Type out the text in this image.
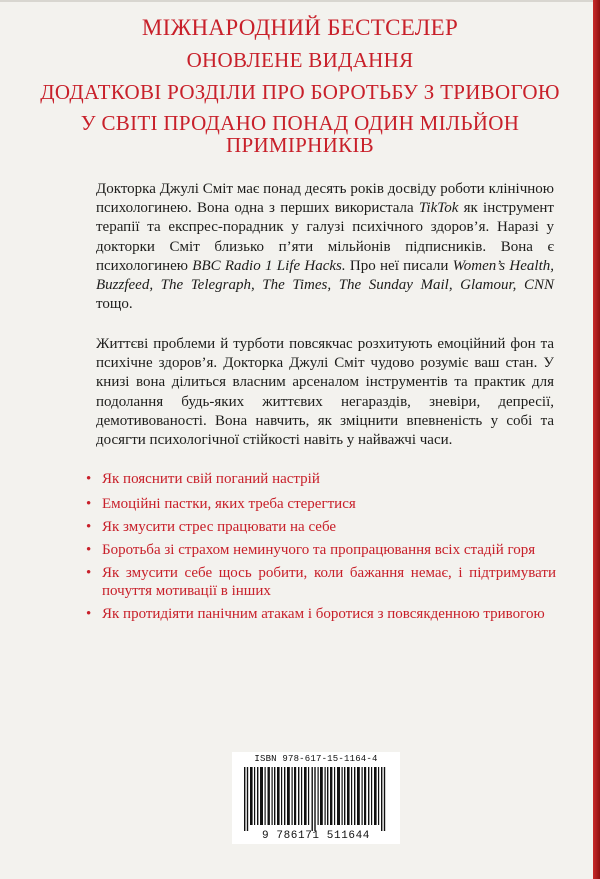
МІЖНАРОДНИЙ БЕСТСЕЛЕР
ОНОВЛЕНЕ ВИДАННЯ
ДОДАТКОВІ РОЗДІЛИ ПРО БОРОТЬБУ З ТРИВОГОЮ
У СВІТІ ПРОДАНО ПОНАД ОДИН МІЛЬЙОН ПРИМІРНИКІВ
Докторка Джулі Сміт має понад десять років досвіду роботи клінічною психологинею. Вона одна з перших використала TikTok як інструмент терапії та експрес-порадник у галузі психічного здоров’я. Наразі у докторки Сміт близько п’яти мільйонів підписників. Вона є психологинею BBC Radio 1 Life Hacks. Про неї писали Women’s Health, Buzzfeed, The Telegraph, The Times, The Sunday Mail, Glamour, CNN тощо.
Життєві проблеми й турботи повсякчас розхитують емоційний фон та психічне здоров’я. Докторка Джулі Сміт чудово розуміє ваш стан. У книзі вона ділиться власним арсеналом інструментів та практик для подолання будь-яких життєвих негараздів, зневіри, депресії, демотивованості. Вона навчить, як зміцнити впевненість у собі та досягти психологічної стійкості навіть у найважчі часи.
• Як пояснити свій поганий настрій
• Емоційні пастки, яких треба стерегтися
• Як змусити стрес працювати на себе
• Боротьба зі страхом неминучого та пропрацювання всіх стадій горя
• Як змусити себе щось робити, коли бажання немає, і підтримувати почуття мотивації в інших
• Як протидіяти панічним атакам і боротися з повсякденною тривогою
ISBN 978-617-15-1164-4
9 786171 511644
